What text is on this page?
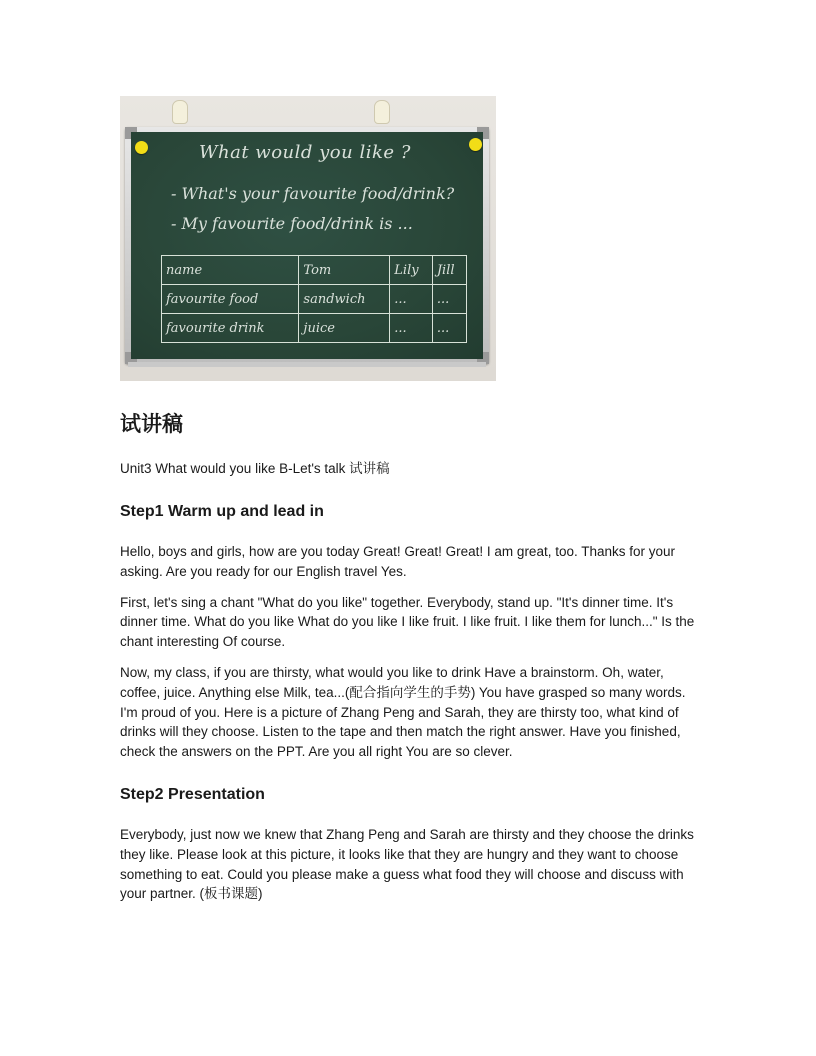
What would you like ?
- What's your favourite food/drink?
- My favourite food/drink is ...
name	Tom	Lily	Jill
favourite food	sandwich	...	...
favourite drink	juice	...	...
试讲稿
Unit3 What would you like B-Let's talk 试讲稿
Step1 Warm up and lead in

Hello, boys and girls, how are you today Great! Great! Great! I am great, too. Thanks for your asking. Are you ready for our English travel Yes.

First, let's sing a chant "What do you like" together. Everybody, stand up. "It's dinner time. It's dinner time. What do you like What do you like I like fruit. I like fruit. I like them for lunch..." Is the chant interesting Of course.

Now, my class, if you are thirsty, what would you like to drink Have a brainstorm. Oh, water, coffee, juice. Anything else Milk, tea...(配合指向学生的手势) You have grasped so many words. I'm proud of you. Here is a picture of Zhang Peng and Sarah, they are thirsty too, what kind of drinks will they choose. Listen to the tape and then match the right answer. Have you finished, check the answers on the PPT. Are you all right You are so clever.

Step2 Presentation

Everybody, just now we knew that Zhang Peng and Sarah are thirsty and they choose the drinks they like. Please look at this picture, it looks like that they are hungry and they want to choose something to eat. Could you please make a guess what food they will choose and discuss with your partner. (板书课题)
